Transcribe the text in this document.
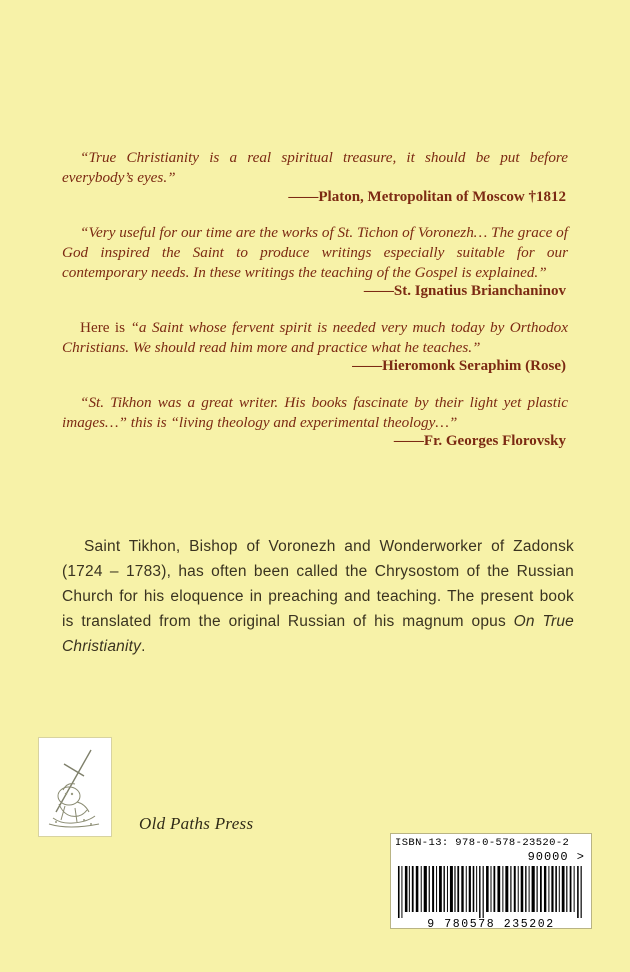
“True Christianity is a real spiritual treasure, it should be put before everybody’s eyes.”

——Platon, Metropolitan of Moscow †1812

“Very useful for our time are the works of St. Tichon of Voronezh… The grace of God inspired the Saint to produce writings especially suitable for our contemporary needs. In these writings the teaching of the Gospel is explained.”

——St. Ignatius Brianchaninov

Here is “a Saint whose fervent spirit is needed very much today by Orthodox Christians. We should read him more and practice what he teaches.”

——Hieromonk Seraphim (Rose)

“St. Tikhon was a great writer. His books fascinate by their light yet plastic images…” this is “living theology and experimental theology…”

——Fr. Georges Florovsky

Saint Tikhon, Bishop of Voronezh and Wonderworker of Zadonsk (1724 – 1783), has often been called the Chrysostom of the Russian Church for his eloquence in preaching and teaching. The present book is translated from the original Russian of his magnum opus On True Christianity.
Old Paths Press
ISBN-13: 978-0-578-23520-2
90000 >
9 780578 235202
